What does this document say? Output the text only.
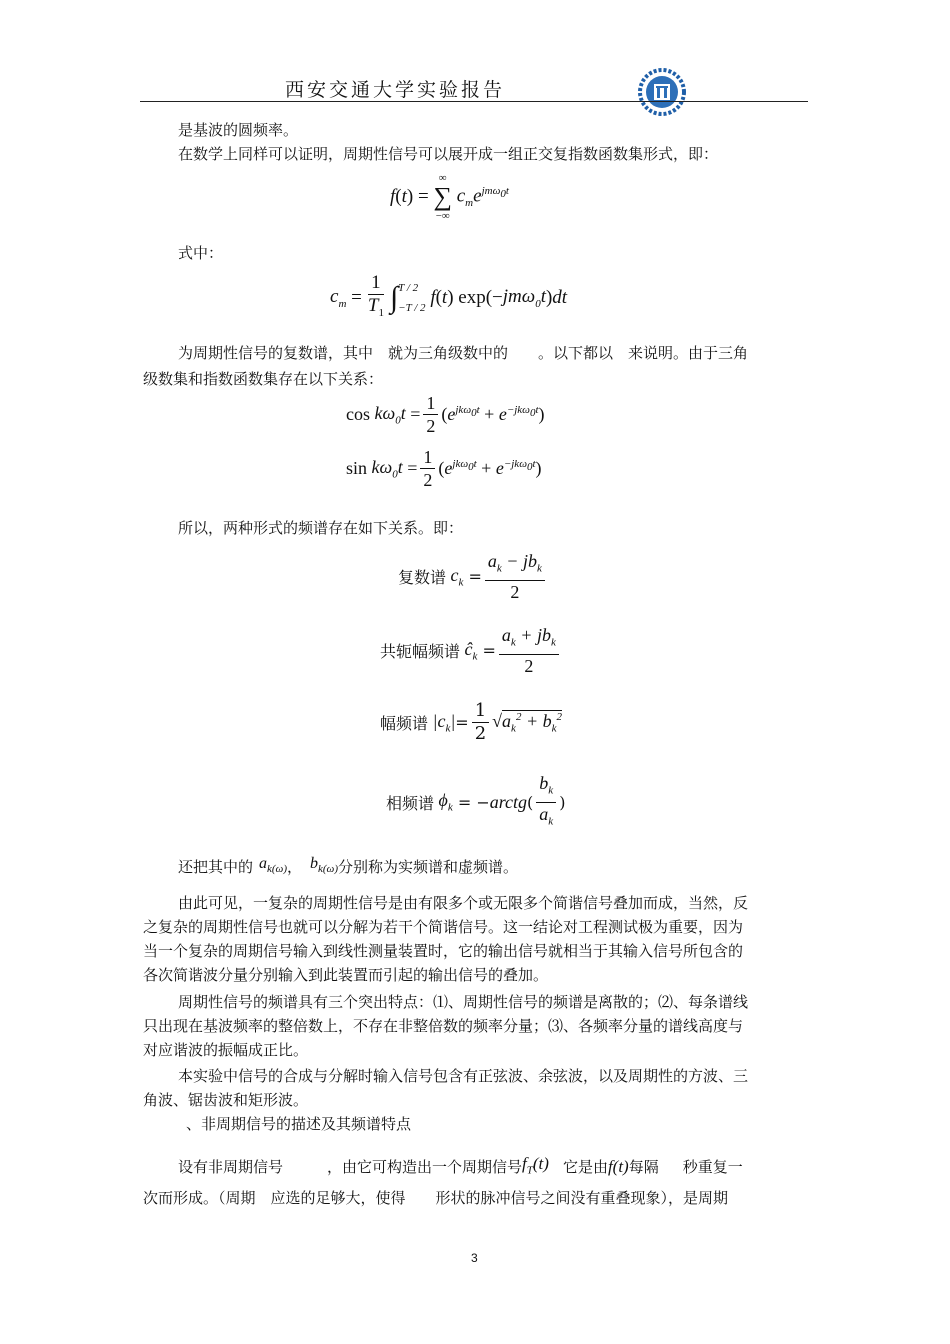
西安交通大学实验报告
是基波的圆频率。
在数学上同样可以证明，周期性信号可以展开成一组正交复指数函数集形式，即：
f ( t ) =
∞
∑
−∞
$c_me^{jm\omega_0t}$
式中：
$c_m = \frac{1}{T_1}$ ∫ T / 2
−T / 2 f ( t ) exp(− jmω$_0$t ) dt
为周期性信号的复数谱，其中　就为三角级数中的　　。以下都以　来说明。由于三角
级数集和指数函数集存在以下关系：
$\cos k\omega_0t = \frac{1}{2}$ ( $e^{jk\omega_0t} + e^{-jk\omega_0t}$ )
$\sin k\omega_0t = \frac{1}{2}$ ( $e^{jk\omega_0t} + e^{-jk\omega_0t}$ )
所以，两种形式的频谱存在如下关系。即：
复数谱 $c_k = \frac{a_k - jb_k}{2}$
共轭幅频谱 $ĉ_k = \frac{a_k + jb_k}{2}$
幅频谱 $|c_k| = \frac{1}{2} √a_k^2 + b_k^2$
相频谱 $\phi_k$ = − arctg ( $\frac{b_k}{a_k}$ )
还把其中的 $a_{k(\omega)}$ ， $b_{k(\omega)}$ 分别称为实频谱和虚频谱。
由此可见，一复杂的周期性信号是由有限多个或无限多个简谐信号叠加而成，当然，反
之复杂的周期性信号也就可以分解为若干个简谐信号。这一结论对工程测试极为重要，因为
当一个复杂的周期信号输入到线性测量装置时，它的输出信号就相当于其输入信号所包含的
各次简谐波分量分别输入到此装置而引起的输出信号的叠加。
周期性信号的频谱具有三个突出特点：⑴、周期性信号的频谱是离散的；⑵、每条谱线
只出现在基波频率的整倍数上，不存在非整倍数的频率分量；⑶、各频率分量的谱线高度与
对应谐波的振幅成正比。
本实验中信号的合成与分解时输入信号包含有正弦波、余弦波，以及周期性的方波、三
角波、锯齿波和矩形波。
、非周期信号的描述及其频谱特点
设有非周期信号	，由它可构造出一个周期信号 $f_T(t)$ 它是由 f(t) 每隔 秒重复一
次而形成。（周期　应选的足够大，使得　　形状的脉冲信号之间没有重叠现象），是周期
3
